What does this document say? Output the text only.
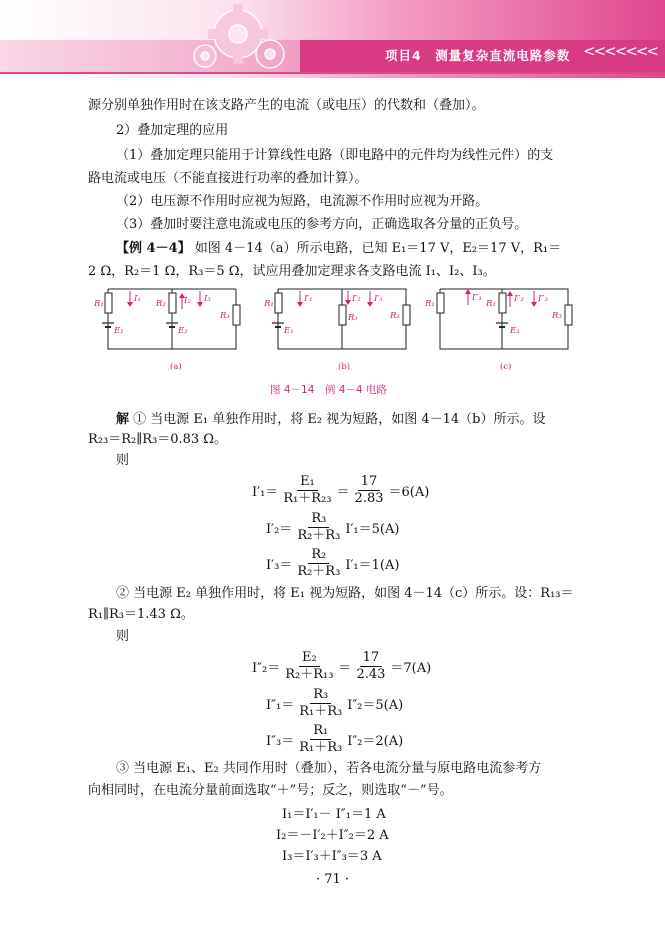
项目4　测量复杂直流电路参数 <<<<<<<
源分别单独作用时在该支路产生的电流（或电压）的代数和（叠加）。
2）叠加定理的应用
（1）叠加定理只能用于计算线性电路（即电路中的元件均为线性元件）的支
路电流或电压（不能直接进行功率的叠加计算）。
（2）电压源不作用时应视为短路，电流源不作用时应视为开路。
（3）叠加时要注意电流或电压的参考方向，正确选取各分量的正负号。
【例 4－4】 如图 4－14（a）所示电路，已知 E₁＝17 V，E₂＝17 V，R₁＝
2 Ω，R₂＝1 Ω，R₃＝5 Ω，试应用叠加定理求各支路电流 I₁、I₂、I₃。
R₁
E₁
I₁ R₂ I₂
E₂
I₃
R₃
R₁
E₁
I′₁	I′₂
R₃
I′₃
R₃
R₁
I″₁
R₂ I″₂
E₂
I″₃
R₃
(a)	(b)	(c)
图 4－14　例 4－4 电路
解 ① 当电源 E₁ 单独作用时，将 E₂ 视为短路，如图 4－14（b）所示。设
R₂₃＝R₂∥R₃＝0.83 Ω。
则
$I'_1= \frac{\text{E₁}}{\text{R₁＋R₂₃}} = \frac{17}{2.83} =6(A)$
$I'_2= \frac{\text{R₃}}{\text{R₂＋R₃}} I'_1=5(A)$
$I'_3= \frac{\text{R₂}}{\text{R₂＋R₃}} I'_1=1(A)$
② 当电源 E₂ 单独作用时，将 E₁ 视为短路，如图 4－14（c）所示。设：R₁₃＝
R₁∥R₃＝1.43 Ω。
则
$I''_2= \frac{\text{E₂}}{\text{R₂＋R₁₃}} = \frac{17}{2.43} =7(A)$
$I''_1= \frac{\text{R₃}}{\text{R₁＋R₃}} I''_2=5(A)$
$I''_3= \frac{\text{R₁}}{\text{R₁＋R₃}} I''_2=2(A)$
③ 当电源 E₁、E₂ 共同作用时（叠加），若各电流分量与原电路电流参考方
向相同时，在电流分量前面选取“＋”号；反之，则选取“－”号。
I₁＝I′₁－ I″₁＝1 A
I₂＝－I′₂＋I″₂＝2 A
I₃＝I′₃＋I″₃＝3 A
· 71 ·
